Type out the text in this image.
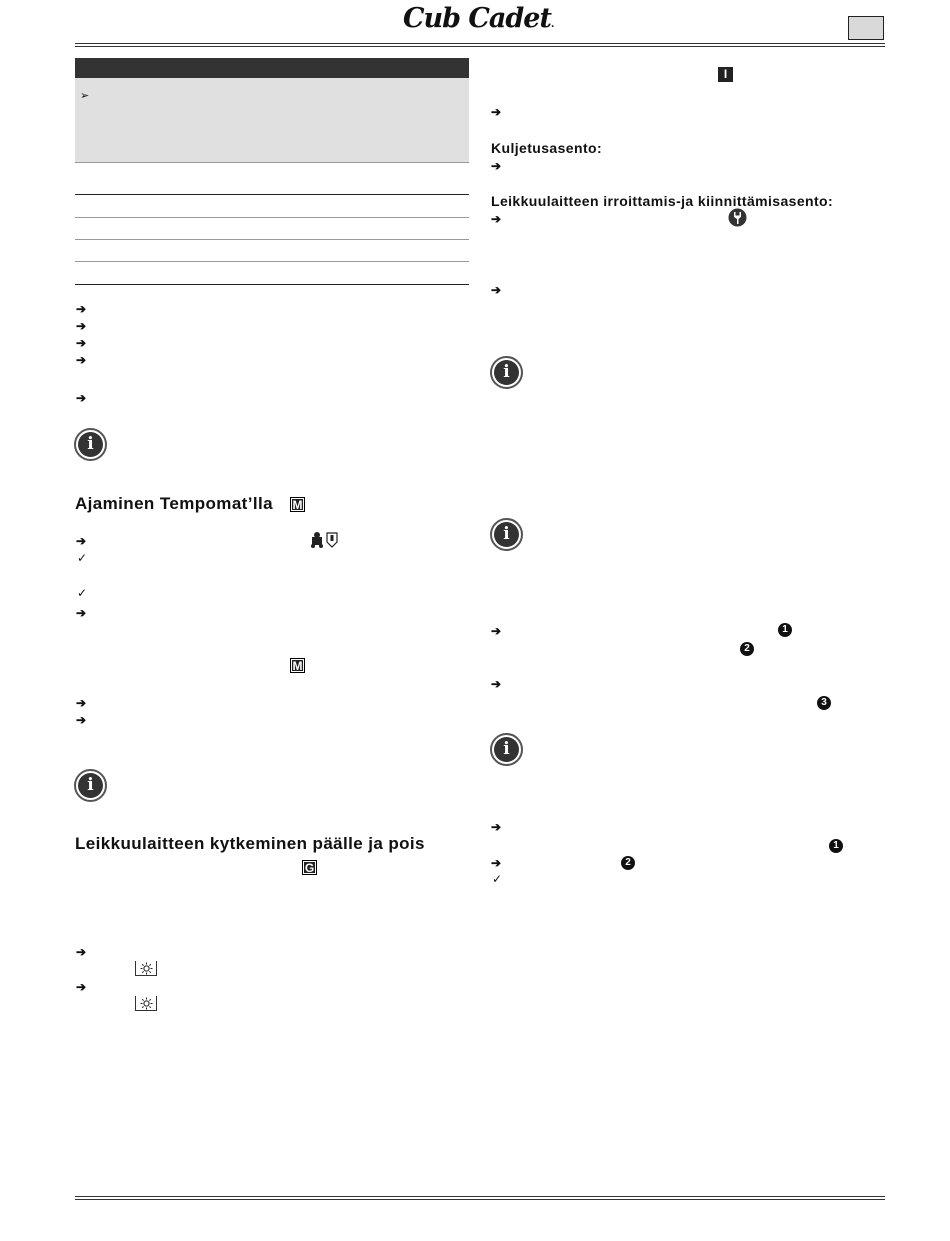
Cub Cadet.
➢
➔
➔
➔
➔
➔
i
Ajaminen Tempomat’lla M
➔
✓
✓
➔
M
➔
➔
i
Leikkuulaitteen kytkeminen päälle ja pois
G
➔
➔
I
➔
Kuljetusasento:
➔
Leikkuulaitteen irroittamis-ja kiinnittämisasento:
➔
➔
i
i
➔	1
2
➔
3
i
➔
1
➔	2
✓
